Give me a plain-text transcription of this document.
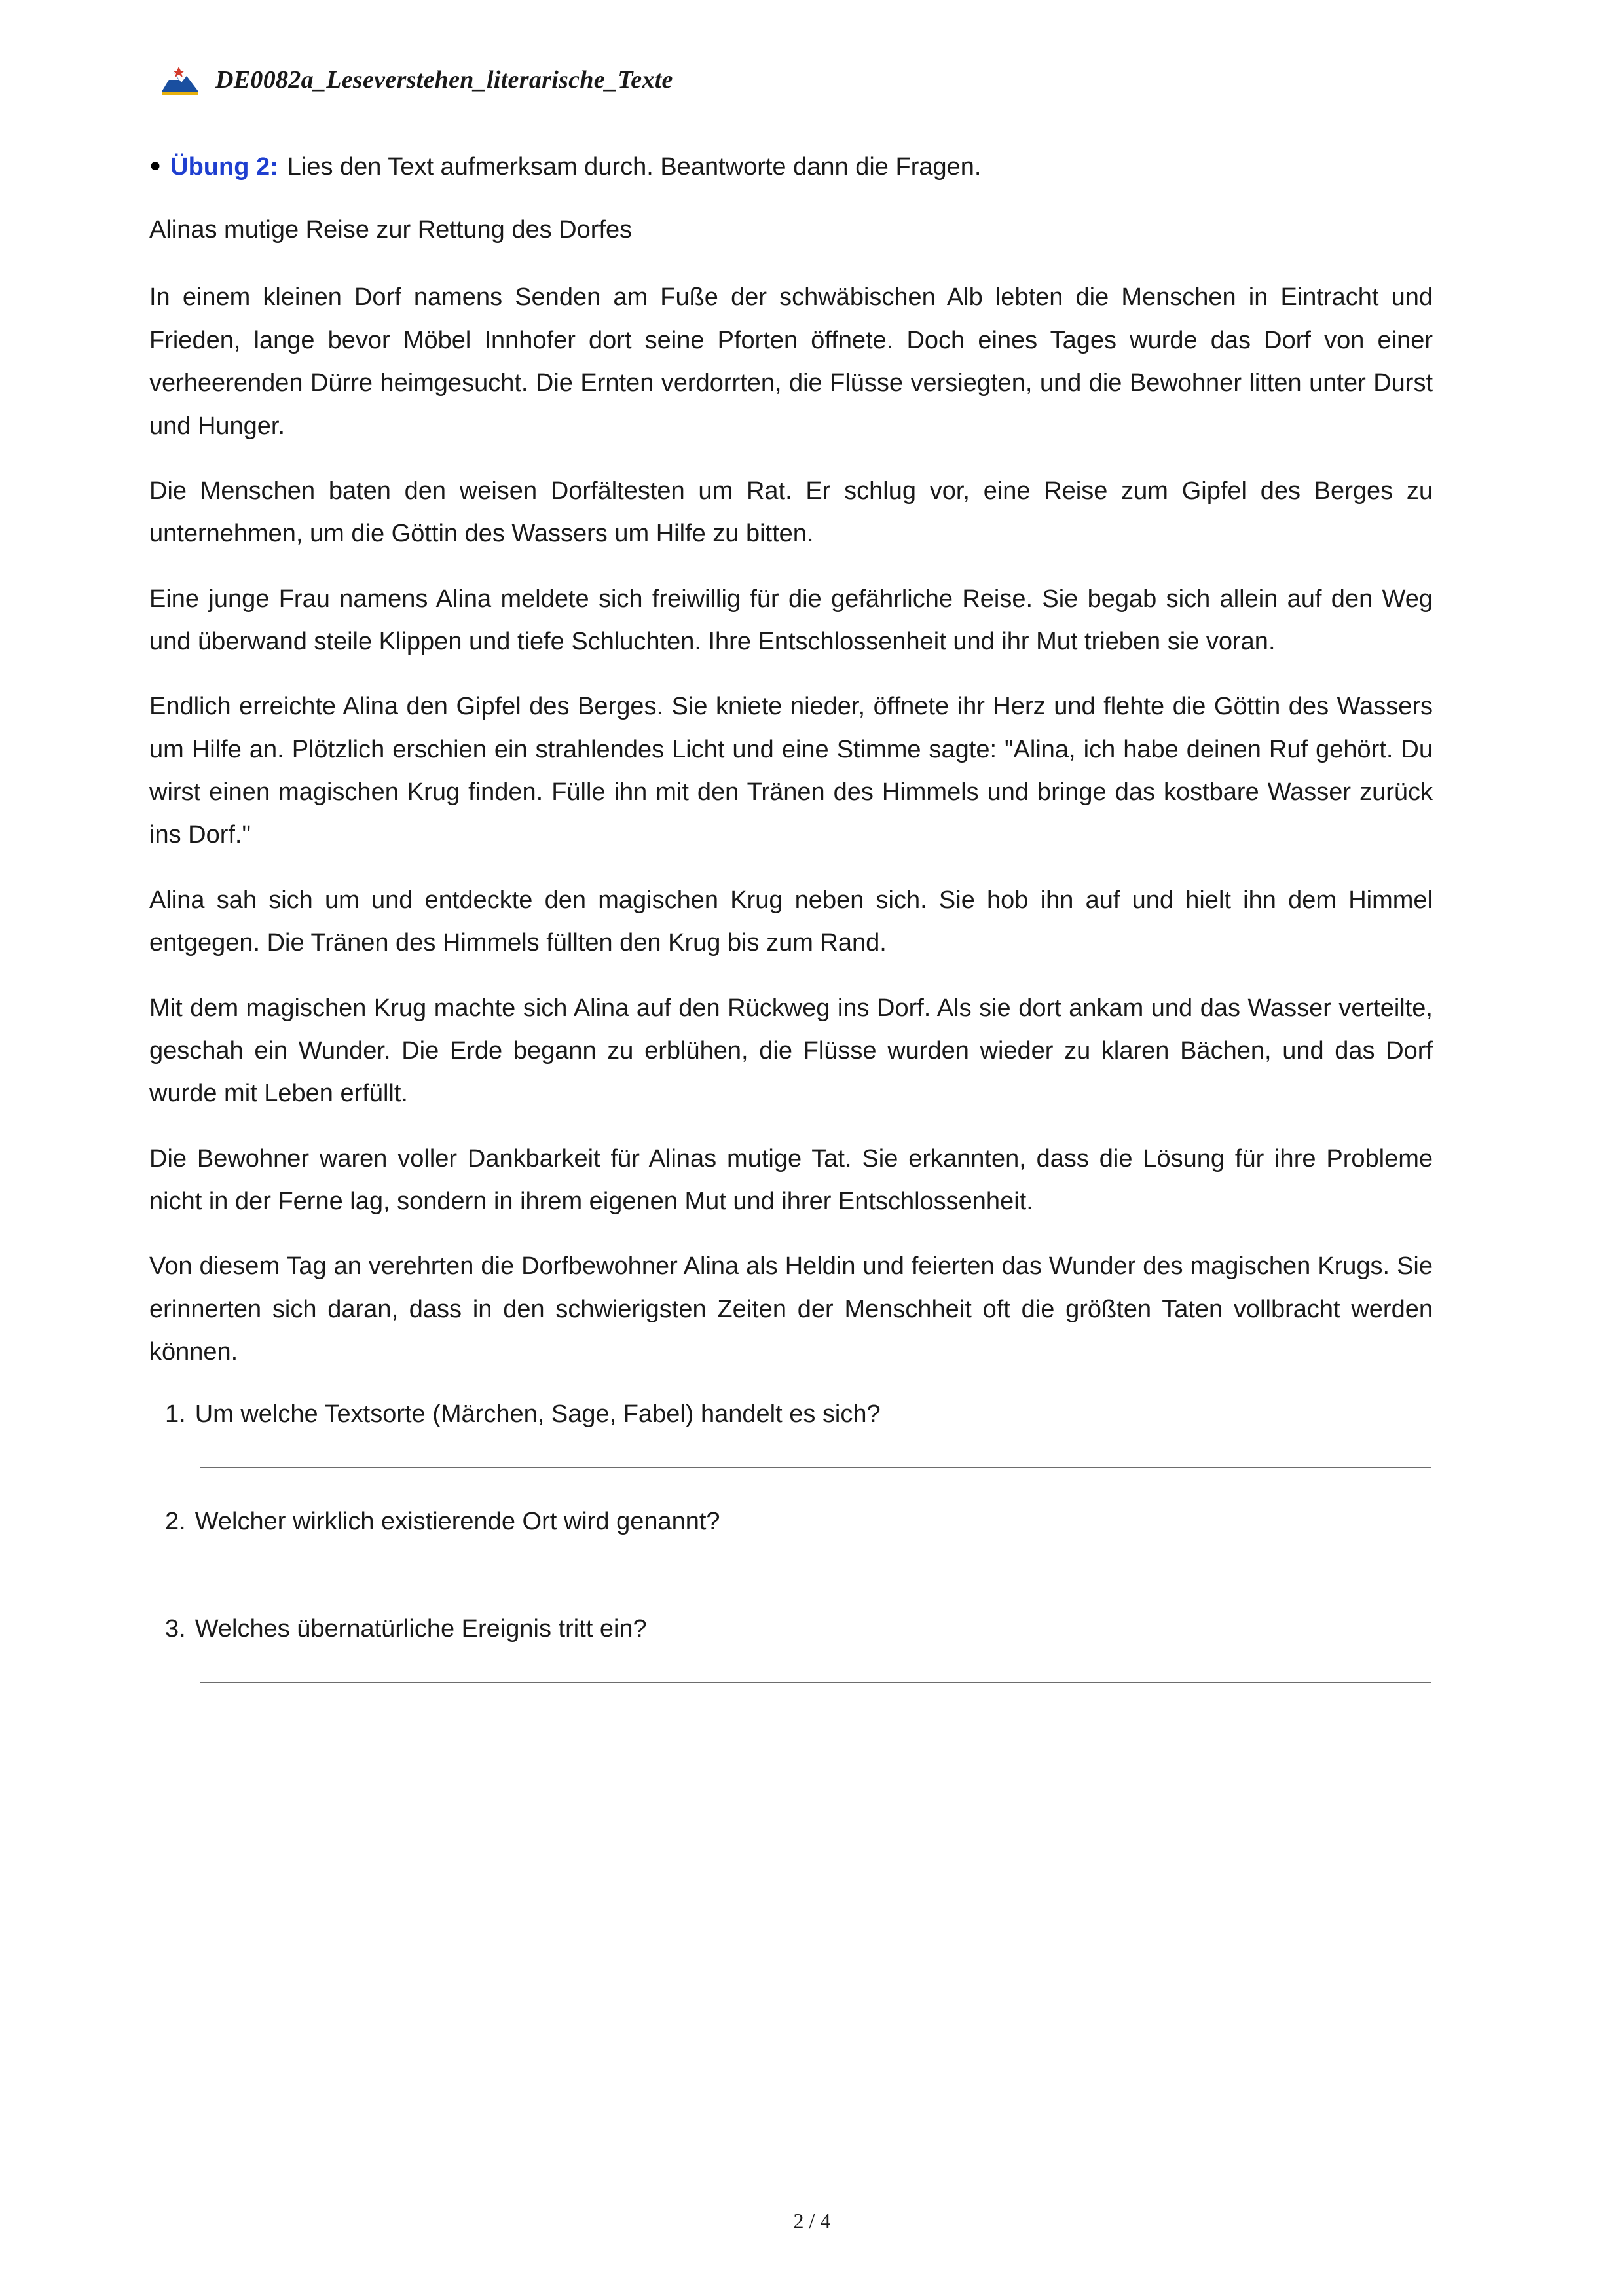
DE0082a_Leseverstehen_literarische_Texte
● Übung 2: Lies den Text aufmerksam durch. Beantworte dann die Fragen.
Alinas mutige Reise zur Rettung des Dorfes

In einem kleinen Dorf namens Senden am Fuße der schwäbischen Alb lebten die Menschen in Eintracht und Frieden, lange bevor Möbel Innhofer dort seine Pforten öffnete. Doch eines Tages wurde das Dorf von einer verheerenden Dürre heimgesucht. Die Ernten verdorrten, die Flüsse versiegten, und die Bewohner litten unter Durst und Hunger.

Die Menschen baten den weisen Dorfältesten um Rat. Er schlug vor, eine Reise zum Gipfel des Berges zu unternehmen, um die Göttin des Wassers um Hilfe zu bitten.

Eine junge Frau namens Alina meldete sich freiwillig für die gefährliche Reise. Sie begab sich allein auf den Weg und überwand steile Klippen und tiefe Schluchten. Ihre Entschlossenheit und ihr Mut trieben sie voran.

Endlich erreichte Alina den Gipfel des Berges. Sie kniete nieder, öffnete ihr Herz und flehte die Göttin des Wassers um Hilfe an. Plötzlich erschien ein strahlendes Licht und eine Stimme sagte: "Alina, ich habe deinen Ruf gehört. Du wirst einen magischen Krug finden. Fülle ihn mit den Tränen des Himmels und bringe das kostbare Wasser zurück ins Dorf."

Alina sah sich um und entdeckte den magischen Krug neben sich. Sie hob ihn auf und hielt ihn dem Himmel entgegen. Die Tränen des Himmels füllten den Krug bis zum Rand.

Mit dem magischen Krug machte sich Alina auf den Rückweg ins Dorf. Als sie dort ankam und das Wasser verteilte, geschah ein Wunder. Die Erde begann zu erblühen, die Flüsse wurden wieder zu klaren Bächen, und das Dorf wurde mit Leben erfüllt.

Die Bewohner waren voller Dankbarkeit für Alinas mutige Tat. Sie erkannten, dass die Lösung für ihre Probleme nicht in der Ferne lag, sondern in ihrem eigenen Mut und ihrer Entschlossenheit.

Von diesem Tag an verehrten die Dorfbewohner Alina als Heldin und feierten das Wunder des magischen Krugs. Sie erinnerten sich daran, dass in den schwierigsten Zeiten der Menschheit oft die größten Taten vollbracht werden können.

1. Um welche Textsorte (Märchen, Sage, Fabel) handelt es sich?
2. Welcher wirklich existierende Ort wird genannt?
3. Welches übernatürliche Ereignis tritt ein?
2 / 4
